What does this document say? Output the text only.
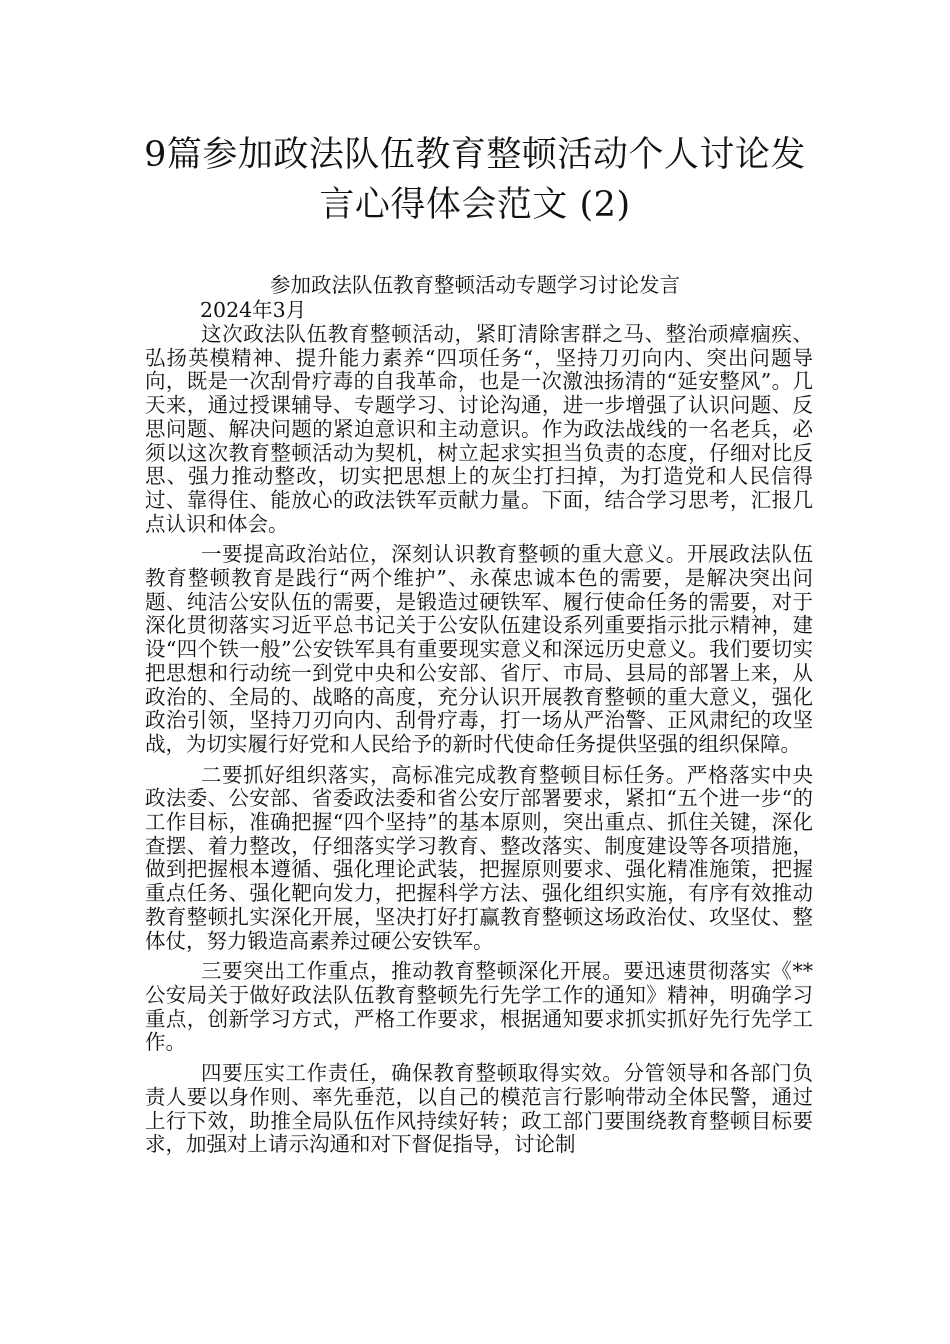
9篇参加政法队伍教育整顿活动个人讨论发言心得体会范文 (2)

参加政法队伍教育整顿活动专题学习讨论发言

2024年3月

这次政法队伍教育整顿活动，紧盯清除害群之马、整治顽瘴痼疾、弘扬英模精神、提升能力素养“四项任务“，坚持刀刃向内、突出问题导向，既是一次刮骨疗毒的自我革命，也是一次激浊扬清的“延安整风”。几天来，通过授课辅导、专题学习、讨论沟通，进一步增强了认识问题、反思问题、解决问题的紧迫意识和主动意识。作为政法战线的一名老兵，必须以这次教育整顿活动为契机，树立起求实担当负责的态度，仔细对比反思、强力推动整改，切实把思想上的灰尘打扫掉，为打造党和人民信得过、靠得住、能放心的政法铁军贡献力量。下面，结合学习思考，汇报几点认识和体会。

一要提高政治站位，深刻认识教育整顿的重大意义。开展政法队伍教育整顿教育是践行“两个维护”、永葆忠诚本色的需要，是解决突出问题、纯洁公安队伍的需要，是锻造过硬铁军、履行使命任务的需要，对于深化贯彻落实习近平总书记关于公安队伍建设系列重要指示批示精神，建设“四个铁一般”公安铁军具有重要现实意义和深远历史意义。我们要切实把思想和行动统一到党中央和公安部、省厅、市局、县局的部署上来，从政治的、全局的、战略的高度，充分认识开展教育整顿的重大意义，强化政治引领，坚持刀刃向内、刮骨疗毒，打一场从严治警、正风肃纪的攻坚战，为切实履行好党和人民给予的新时代使命任务提供坚强的组织保障。

二要抓好组织落实，高标准完成教育整顿目标任务。严格落实中央政法委、公安部、省委政法委和省公安厅部署要求，紧扣“五个进一步“的工作目标，准确把握“四个坚持”的基本原则，突出重点、抓住关键，深化查摆、着力整改，仔细落实学习教育、整改落实、制度建设等各项措施，做到把握根本遵循、强化理论武装，把握原则要求、强化精准施策，把握重点任务、强化靶向发力，把握科学方法、强化组织实施，有序有效推动教育整顿扎实深化开展，坚决打好打赢教育整顿这场政治仗、攻坚仗、整体仗，努力锻造高素养过硬公安铁军。

三要突出工作重点，推动教育整顿深化开展。要迅速贯彻落实《**公安局关于做好政法队伍教育整顿先行先学工作的通知》精神，明确学习重点，创新学习方式，严格工作要求，根据通知要求抓实抓好先行先学工作。

四要压实工作责任，确保教育整顿取得实效。分管领导和各部门负责人要以身作则、率先垂范，以自己的模范言行影响带动全体民警，通过上行下效，助推全局队伍作风持续好转；政工部门要围绕教育整顿目标要求，加强对上请示沟通和对下督促指导，讨论制
